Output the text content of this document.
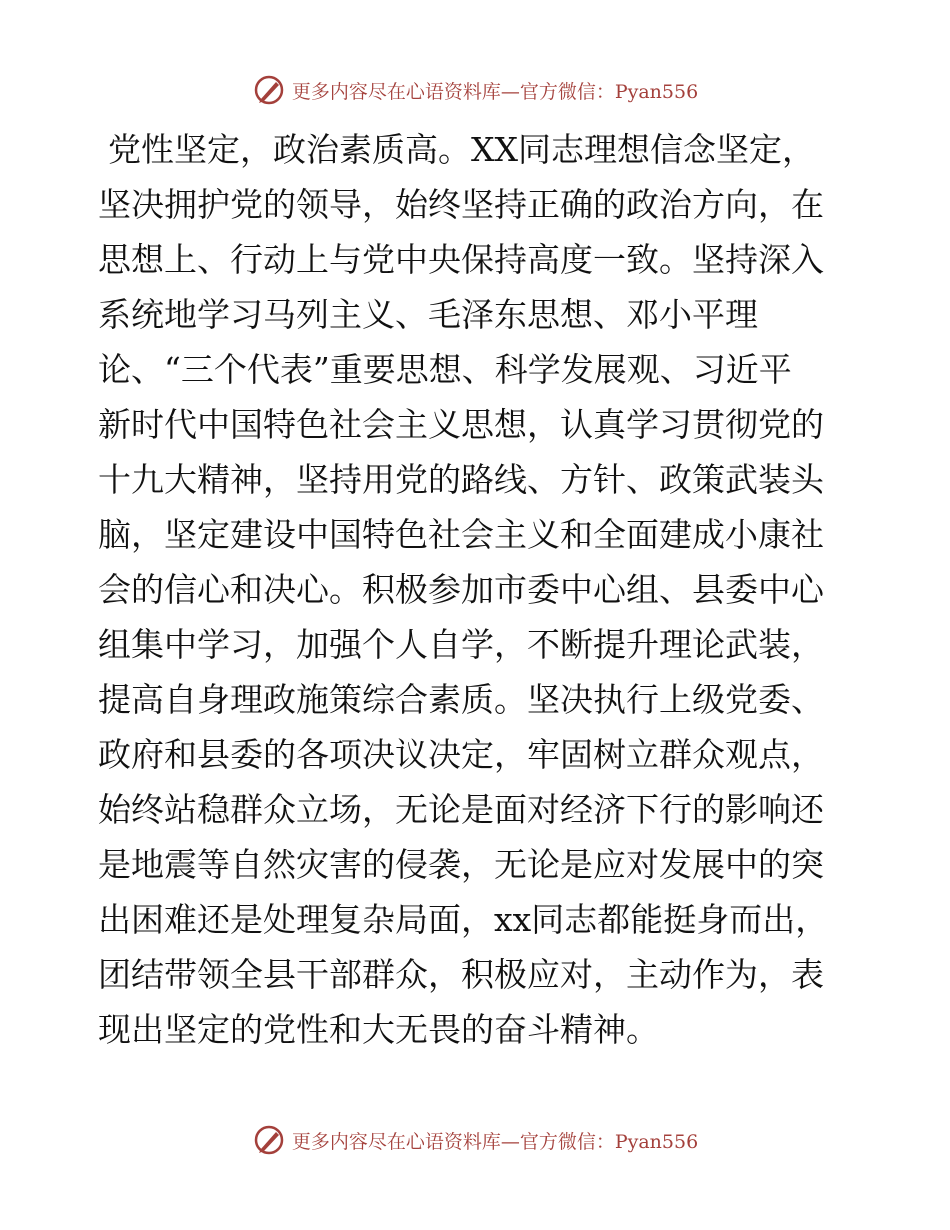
更多内容尽在心语资料库—官方微信：Pyan556
党性坚定，政治素质高。XX同志理想信念坚定，
坚决拥护党的领导，始终坚持正确的政治方向，在
思想上、行动上与党中央保持高度一致。坚持深入
系统地学习马列主义、毛泽东思想、邓小平理
论、“三个代表”重要思想、科学发展观、习近平
新时代中国特色社会主义思想，认真学习贯彻党的
十九大精神，坚持用党的路线、方针、政策武装头
脑，坚定建设中国特色社会主义和全面建成小康社
会的信心和决心。积极参加市委中心组、县委中心
组集中学习，加强个人自学，不断提升理论武装，
提高自身理政施策综合素质。坚决执行上级党委、
政府和县委的各项决议决定，牢固树立群众观点，
始终站稳群众立场，无论是面对经济下行的影响还
是地震等自然灾害的侵袭，无论是应对发展中的突
出困难还是处理复杂局面，xx同志都能挺身而出，
团结带领全县干部群众，积极应对，主动作为，表
现出坚定的党性和大无畏的奋斗精神。
更多内容尽在心语资料库—官方微信：Pyan556
